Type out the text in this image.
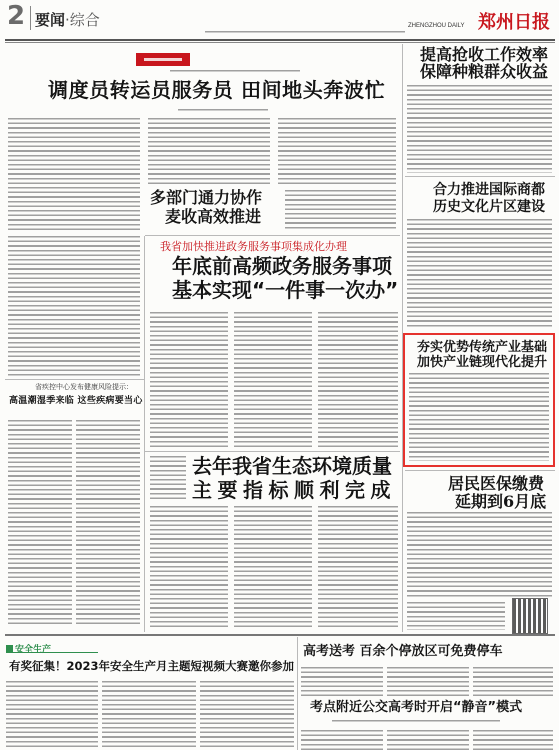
2 要闻·综合	ZHENGZHOU DAILY 郑州日报
调度员转运员服务员 田间地头奔波忙
多部门通力协作
麦收高效推进
我省加快推进政务服务事项集成化办理
年底前高频政务服务事项
基本实现“一件事一次办”
省疾控中心发布健康风险提示：
高温潮湿季来临 这些疾病要当心
去年我省生态环境质量
主要指标顺利完成
提高抢收工作效率
保障种粮群众收益
合力推进国际商都
历史文化片区建设
夯实优势传统产业基础
加快产业链现代化提升
居民医保缴费
延期到6月底
安全生产
有奖征集！2023年安全生产月主题短视频大赛邀你参加
高考送考 百余个停放区可免费停车
考点附近公交高考时开启“静音”模式
